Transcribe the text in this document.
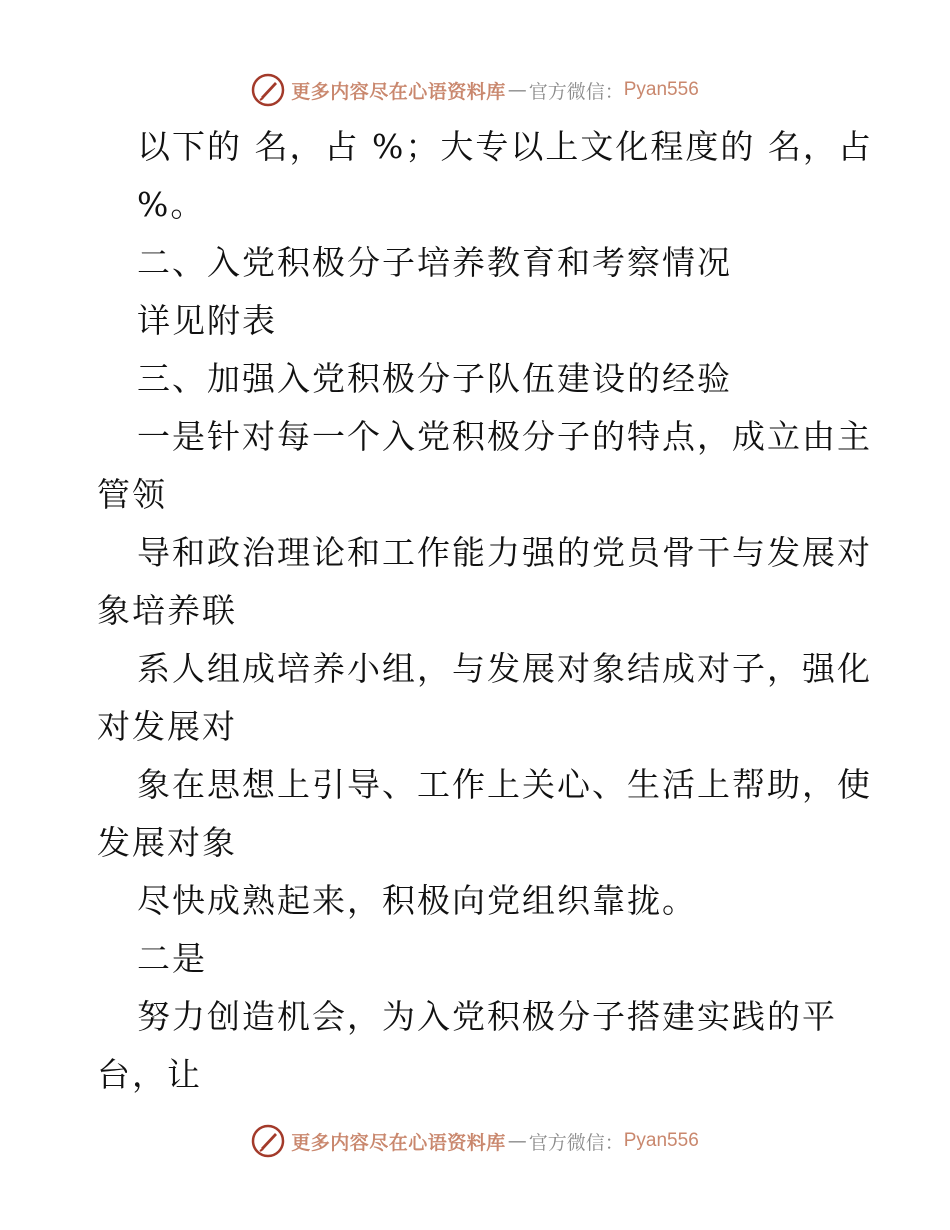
更多内容尽在心语资料库 — 官方微信： Pyan556
以下的 名，占 %；大专以上文化程度的 名，占
%。
二、入党积极分子培养教育和考察情况
详见附表
三、加强入党积极分子队伍建设的经验
一是针对每一个入党积极分子的特点，成立由主
管领
导和政治理论和工作能力强的党员骨干与发展对
象培养联
系人组成培养小组，与发展对象结成对子，强化
对发展对
象在思想上引导、工作上关心、生活上帮助，使
发展对象
尽快成熟起来，积极向党组织靠拢。
二是
努力创造机会，为入党积极分子搭建实践的平
台，让
更多内容尽在心语资料库 — 官方微信： Pyan556
